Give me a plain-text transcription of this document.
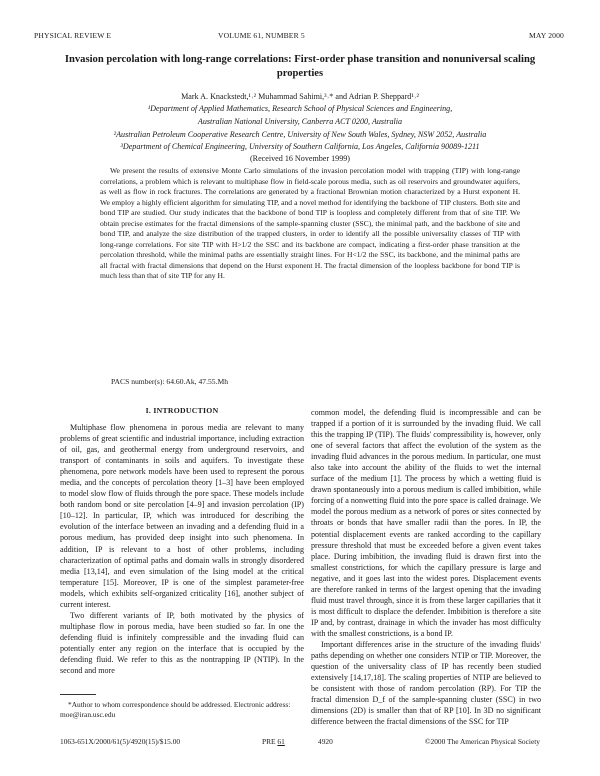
PHYSICAL REVIEW E	VOLUME 61, NUMBER 5	MAY 2000
Invasion percolation with long-range correlations: First-order phase transition and nonuniversal scaling properties
Mark A. Knackstedt,¹˒² Muhammad Sahimi,³˒* and Adrian P. Sheppard¹˒²
¹Department of Applied Mathematics, Research School of Physical Sciences and Engineering,
Australian National University, Canberra ACT 0200, Australia
²Australian Petroleum Cooperative Research Centre, University of New South Wales, Sydney, NSW 2052, Australia
³Department of Chemical Engineering, University of Southern California, Los Angeles, California 90089-1211
(Received 16 November 1999)
We present the results of extensive Monte Carlo simulations of the invasion percolation model with trapping (TIP) with long-range correlations, a problem which is relevant to multiphase flow in field-scale porous media, such as oil reservoirs and groundwater aquifers, as well as flow in rock fractures. The correlations are generated by a fractional Brownian motion characterized by a Hurst exponent H. We employ a highly efficient algorithm for simulating TIP, and a novel method for identifying the backbone of TIP clusters. Both site and bond TIP are studied. Our study indicates that the backbone of bond TIP is loopless and completely different from that of site TIP. We obtain precise estimates for the fractal dimensions of the sample-spanning cluster (SSC), the minimal path, and the backbone of site and bond TIP, and analyze the size distribution of the trapped clusters, in order to identify all the possible universality classes of TIP with long-range correlations. For site TIP with H>1/2 the SSC and its backbone are compact, indicating a first-order phase transition at the percolation threshold, while the minimal paths are essentially straight lines. For H<1/2 the SSC, its backbone, and the minimal paths are all fractal with fractal dimensions that depend on the Hurst exponent H. The fractal dimension of the loopless backbone for bond TIP is much less than that of site TIP for any H.
PACS number(s): 64.60.Ak, 47.55.Mh
I. INTRODUCTION

Multiphase flow phenomena in porous media are relevant to many problems of great scientific and industrial importance, including extraction of oil, gas, and geothermal energy from underground reservoirs, and transport of contaminants in soils and aquifers. To investigate these phenomena, pore network models have been used to represent the porous media, and the concepts of percolation theory [1–3] have been employed to model slow flow of fluids through the pore space. These models include both random bond or site percolation [4–9] and invasion percolation (IP) [10–12]. In particular, IP, which was introduced for describing the evolution of the interface between an invading and a defending fluid in a porous medium, has provided deep insight into such phenomena. In addition, IP is relevant to a host of other problems, including characterization of optimal paths and domain walls in strongly disordered media [13,14], and even simulation of the Ising model at the critical temperature [15]. Moreover, IP is one of the simplest parameter-free models, which exhibits self-organized criticality [16], another subject of current interest.

Two different variants of IP, both motivated by the physics of multiphase flow in porous media, have been studied so far. In one the defending fluid is infinitely compressible and the invading fluid can potentially enter any region on the interface that is occupied by the defending fluid. We refer to this as the nontrapping IP (NTIP). In the second and more

common model, the defending fluid is incompressible and can be trapped if a portion of it is surrounded by the invading fluid. We call this the trapping IP (TIP). The fluids' compressibility is, however, only one of several factors that affect the evolution of the system as the invading fluid advances in the porous medium. In particular, one must also take into account the ability of the fluids to wet the internal surface of the medium [1]. The process by which a wetting fluid is drawn spontaneously into a porous medium is called imbibition, while forcing of a nonwetting fluid into the pore space is called drainage. We model the porous medium as a network of pores or sites connected by throats or bonds that have smaller radii than the pores. In IP, the potential displacement events are ranked according to the capillary pressure threshold that must be exceeded before a given event takes place. During imbibition, the invading fluid is drawn first into the smallest constrictions, for which the capillary pressure is large and negative, and it goes last into the widest pores. Displacement events are therefore ranked in terms of the largest opening that the invading fluid must travel through, since it is from these larger capillaries that it is most difficult to displace the defender. Imbibition is therefore a site IP and, by contrast, drainage in which the invader has most difficulty with the smallest constrictions, is a bond IP.

Important differences arise in the structure of the invading fluids' paths depending on whether one considers NTIP or TIP. Moreover, the question of the universality class of IP has recently been studied extensively [14,17,18]. The scaling properties of NTIP are believed to be consistent with those of random percolation (RP). For TIP the fractal dimension D_f of the sample-spanning cluster (SSC) in two dimensions (2D) is smaller than that of RP [10]. In 3D no significant difference between the fractal dimensions of the SSC for TIP

*Author to whom correspondence should be addressed. Electronic address: moe@iran.usc.edu
1063-651X/2000/61(5)/4920(15)/$15.00	PRE 61	4920	©2000 The American Physical Society
